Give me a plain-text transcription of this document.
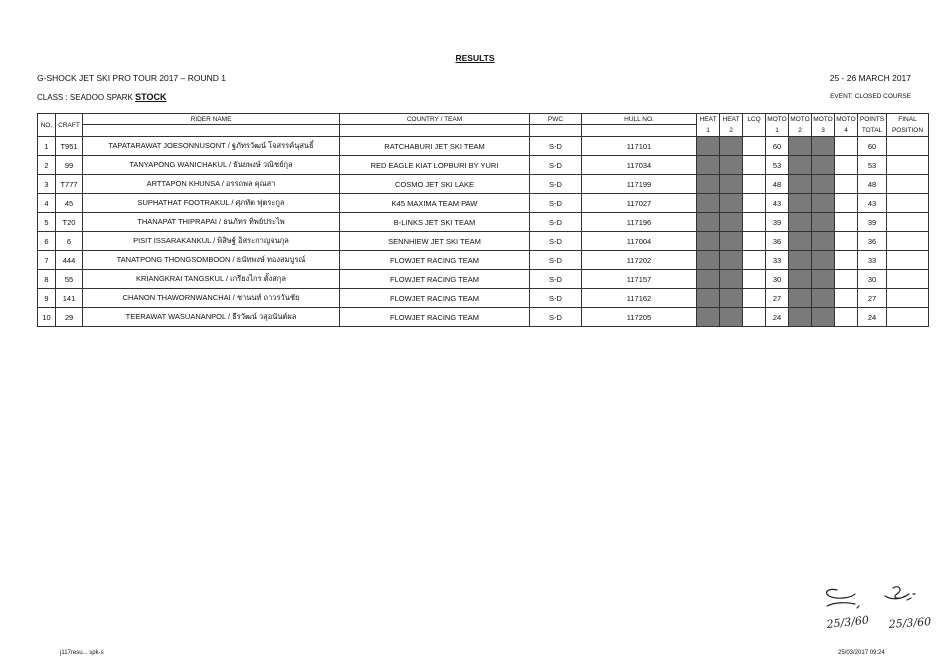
RESULTS
G-SHOCK JET SKI PRO TOUR 2017 – ROUND 1	25 - 26 MARCH 2017
CLASS : SEADOO SPARK STOCK	EVENT: CLOSED COURSE
NO.	CRAFT	RIDER NAME	COUNTRY / TEAM	PWC	HULL NO.	HEAT	HEAT	LCQ	MOTO	MOTO	MOTO	MOTO	POINTS	FINAL
						1	2		1	2	3	4	TOTAL	POSITION
1	T951	TAPATARAWAT JOESONNUSONT / ฐภัทรวัฒน์ โจสรรค์นุสนธิ์	RATCHABURI JET SKI TEAM	S-D	117101				60				60	
2	99	TANYAPONG WANICHAKUL / ธันยพงษ์ วณิชย์กุล	RED EAGLE KIAT LOPBURI BY YURI	S-D	117034				53				53	
3	T777	ARTTAPON KHUNSA / อรรถพล คุณสา	COSMO JET SKI LAKE	S-D	117199				48				48	
4	45	SUPHATHAT FOOTRAKUL / ศุภทัต ฟุตระกูล	K45 MAXIMA TEAM PAW	S-D	117027				43				43	
5	T20	THANAPAT THIPRAPAI / ธนภัทร ทิพย์ประไพ	B-LINKS JET SKI TEAM	S-D	117196				39				39	
6	6	PISIT ISSARAKANKUL / พิสิษฐ์ อิสระกาญจนกุล	SENNHIEW JET SKI TEAM	S-D	117004				36				36	
7	444	TANATPONG THONGSOMBOON / ธนัทพงษ์ ทองสมบูรณ์	FLOWJET RACING TEAM	S-D	117202				33				33	
8	55	KRIANGKRAI TANGSKUL / เกรียงไกร ตั้งสกุล	FLOWJET RACING TEAM	S-D	117157				30				30	
9	141	CHANON THAWORNWANCHAI / ชานนท์ ถาวรวันชัย	FLOWJET RACING TEAM	S-D	117162				27				27	
10	29	TEERAWAT WASUANANPOL / ธีรวัฒน์ วสุอนันต์ผล	FLOWJET RACING TEAM	S-D	117205				24				24	
25/3/60 25/3/60
j117resu... spk-s	25/03/2017 09:24
